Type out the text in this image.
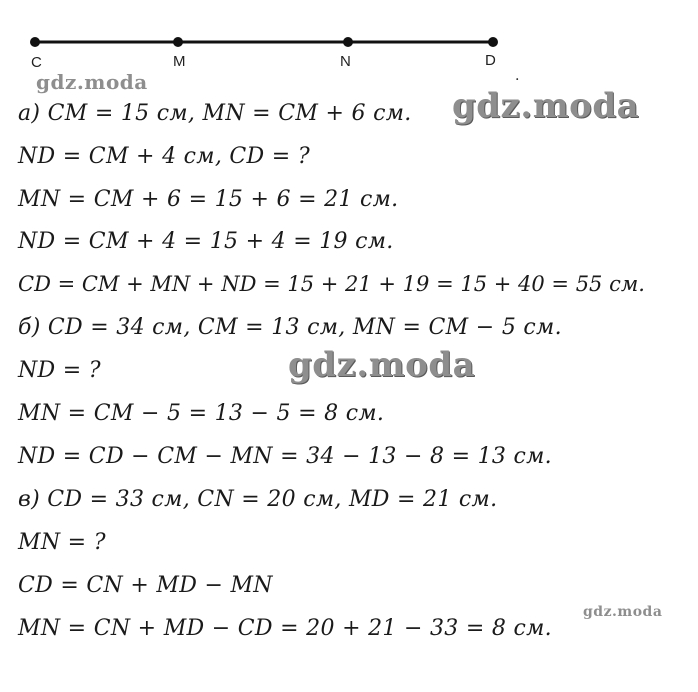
C	M	N	D
.
gdz.moda
gdz.moda
gdz.moda
gdz.moda
а) CM = 15 см, MN = CM + 6 см.
ND = CM + 4 см, CD = ?
MN = CM + 6 = 15 + 6 = 21 см.
ND = CM + 4 = 15 + 4 = 19 см.
CD = CM + MN + ND = 15 + 21 + 19 = 15 + 40 = 55 см.
б) CD = 34 см, CM = 13 см, MN = CM − 5 см.
ND = ?
MN = CM − 5 = 13 − 5 = 8 см.
ND = CD − CM − MN = 34 − 13 − 8 = 13 см.
в) CD = 33 см, CN = 20 см, MD = 21 см.
MN = ?
CD = CN + MD − MN
MN = CN + MD − CD = 20 + 21 − 33 = 8 см.
